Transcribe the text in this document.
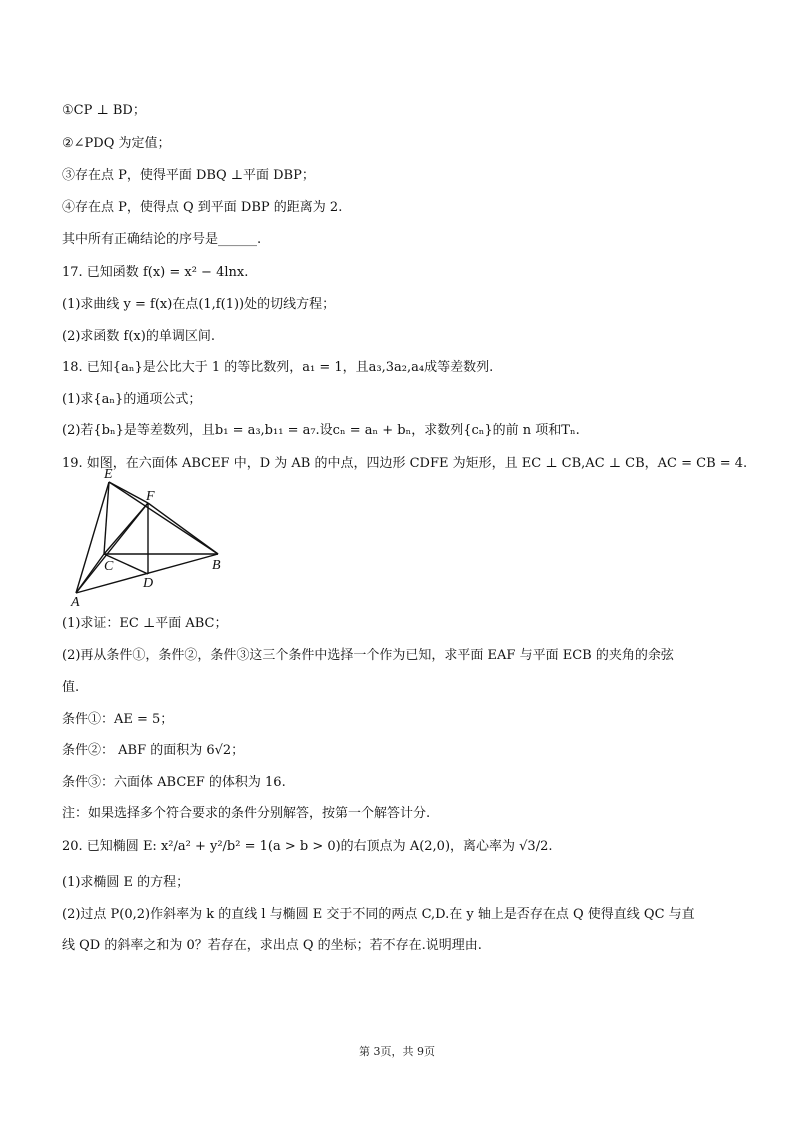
①CP ⊥ BD；
②∠PDQ 为定值；
③存在点 P，使得平面 DBQ ⊥平面 DBP；
④存在点 P，使得点 Q 到平面 DBP 的距离为 2.
其中所有正确结论的序号是______.
17. 已知函数 f(x) = x² − 4lnx.
(1)求曲线 y = f(x)在点(1,f(1))处的切线方程；
(2)求函数 f(x)的单调区间.
18. 已知{aₙ}是公比大于 1 的等比数列，a₁ = 1，且a₃,3a₂,a₄成等差数列.
(1)求{aₙ}的通项公式；
(2)若{bₙ}是等差数列，且b₁ = a₃,b₁₁ = a₇.设cₙ = aₙ + bₙ，求数列{cₙ}的前 n 项和Tₙ.
19. 如图，在六面体 ABCEF 中，D 为 AB 的中点，四边形 CDFE 为矩形，且 EC ⊥ CB,AC ⊥ CB，AC = CB = 4.
E
F
C
D
B
A
(1)求证：EC ⊥平面 ABC；
(2)再从条件①，条件②，条件③这三个条件中选择一个作为已知，求平面 EAF 与平面 ECB 的夹角的余弦
值.
条件①：AE = 5；
条件②： ABF 的面积为 6√2；
条件③：六面体 ABCEF 的体积为 16.
注：如果选择多个符合要求的条件分别解答，按第一个解答计分.
20. 已知椭圆 E: x²/a² + y²/b² = 1(a > b > 0)的右顶点为 A(2,0)，离心率为 √3/2.
(1)求椭圆 E 的方程；
(2)过点 P(0,2)作斜率为 k 的直线 l 与椭圆 E 交于不同的两点 C,D.在 y 轴上是否存在点 Q 使得直线 QC 与直
线 QD 的斜率之和为 0？若存在，求出点 Q 的坐标；若不存在.说明理由.
第 3页，共 9页
